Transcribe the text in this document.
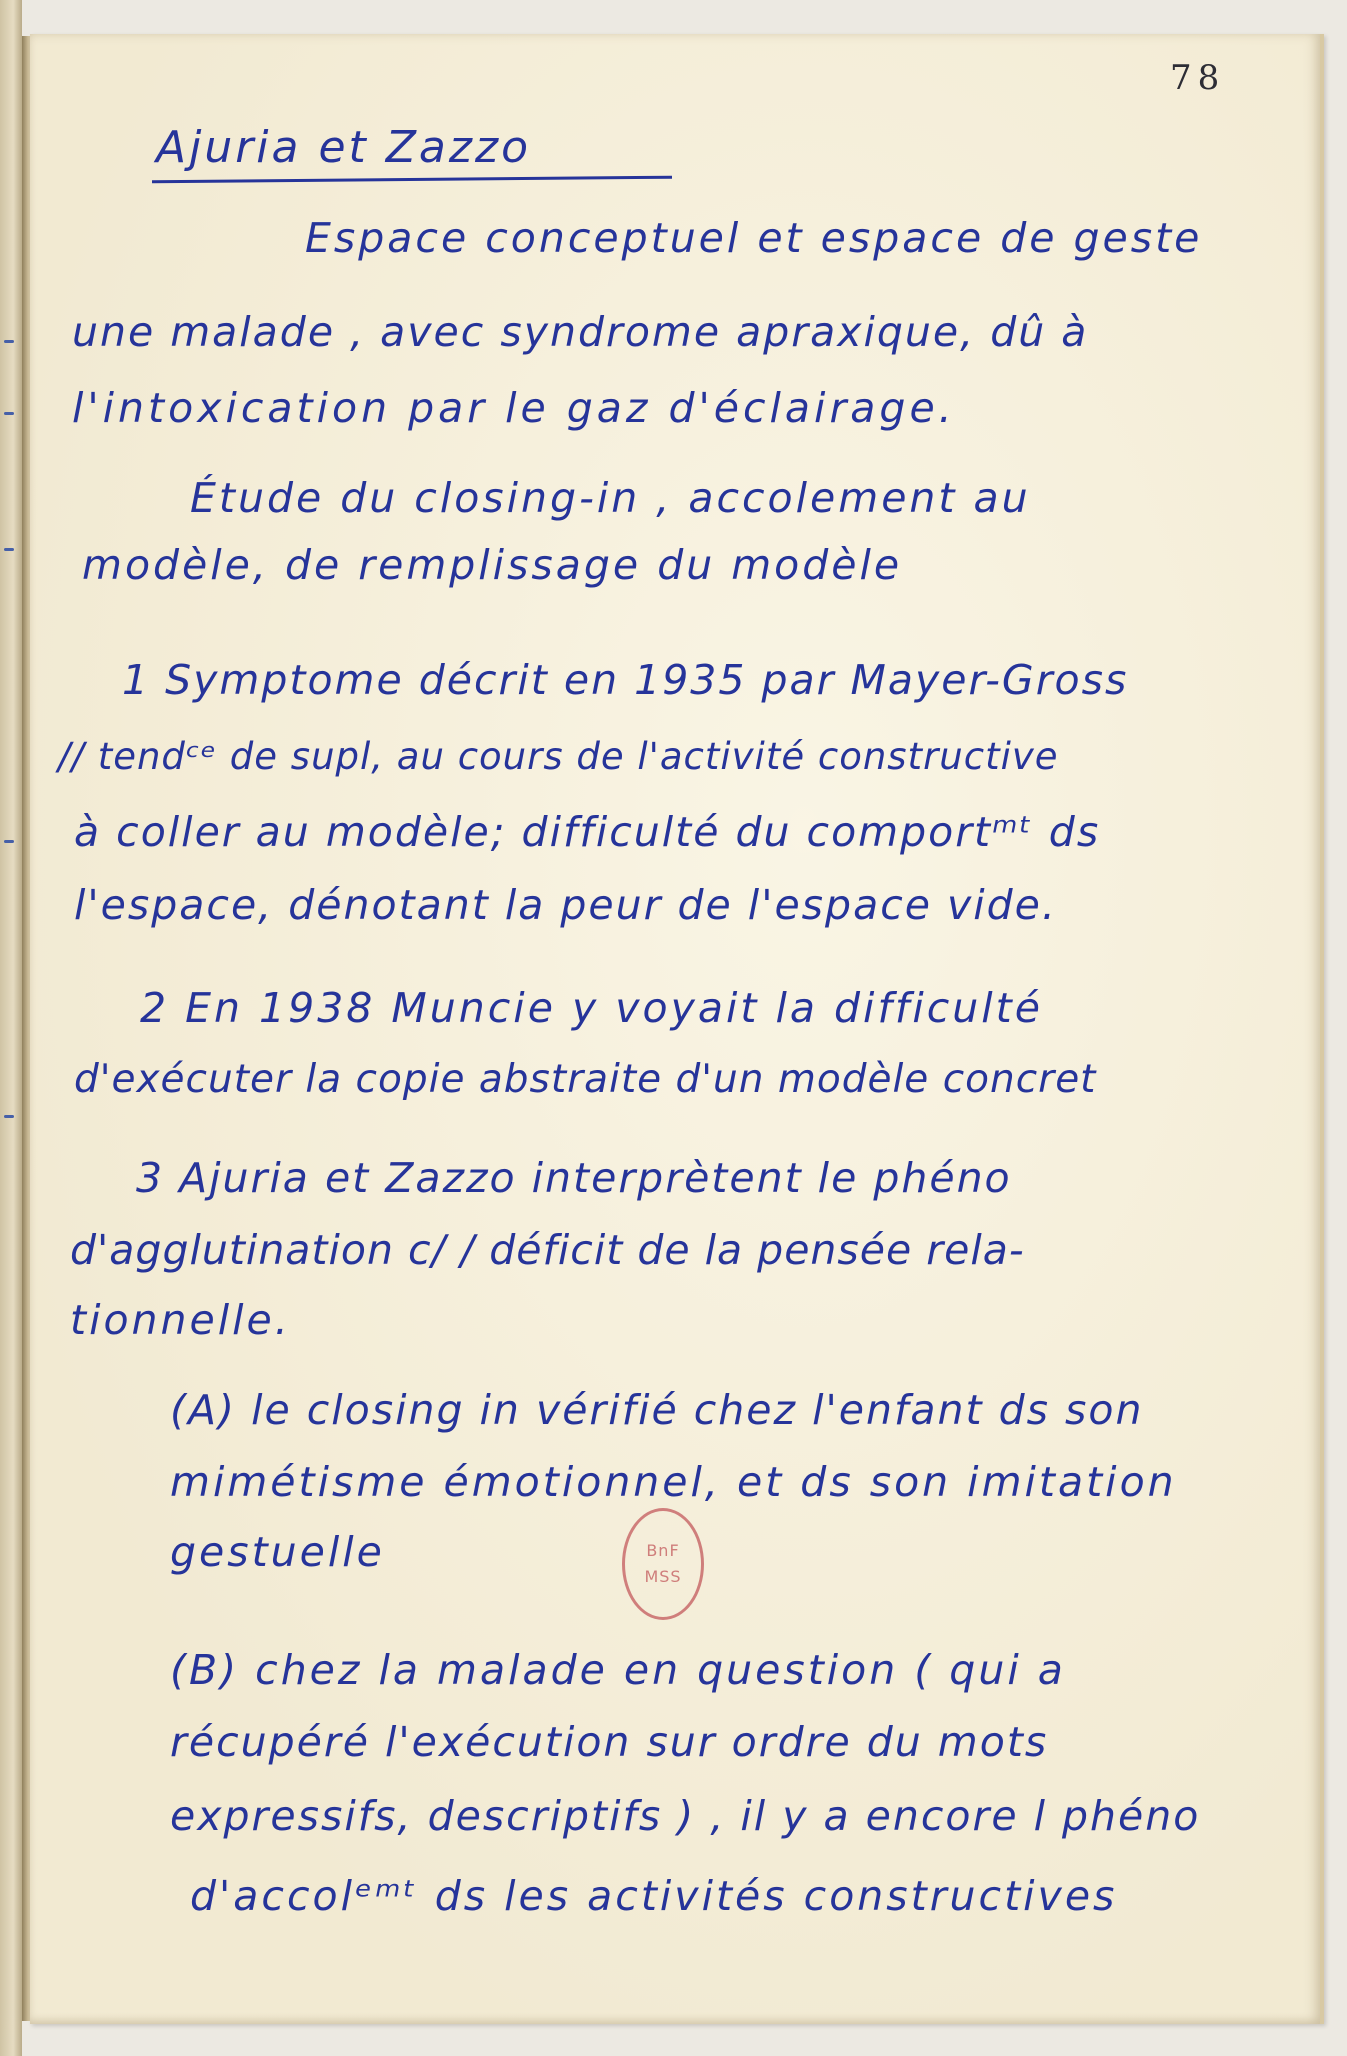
78
Ajuria et Zazzo
Espace conceptuel et espace de geste
une malade , avec syndrome apraxique, dû à
l'intoxication par le gaz d'éclairage.
Étude du closing-in , accolement au
modèle, de remplissage du modèle
1 Symptome décrit en 1935 par Mayer-Gross
// tendᶜᵉ de supl, au cours de l'activité constructive
à coller au modèle; difficulté du comportᵐᵗ ds
l'espace, dénotant la peur de l'espace vide.
2 En 1938 Muncie y voyait la difficulté
d'exécuter la copie abstraite d'un modèle concret
3 Ajuria et Zazzo interprètent le phéno
d'agglutination c/ / déficit de la pensée rela-
tionnelle.
(A) le closing in vérifié chez l'enfant ds son
mimétisme émotionnel, et ds son imitation
gestuelle
(B) chez la malade en question ( qui a
récupéré l'exécution sur ordre du mots
expressifs, descriptifs ) , il y a encore l phéno
d'accolᵉᵐᵗ ds les activités constructives
BnF
MSS
